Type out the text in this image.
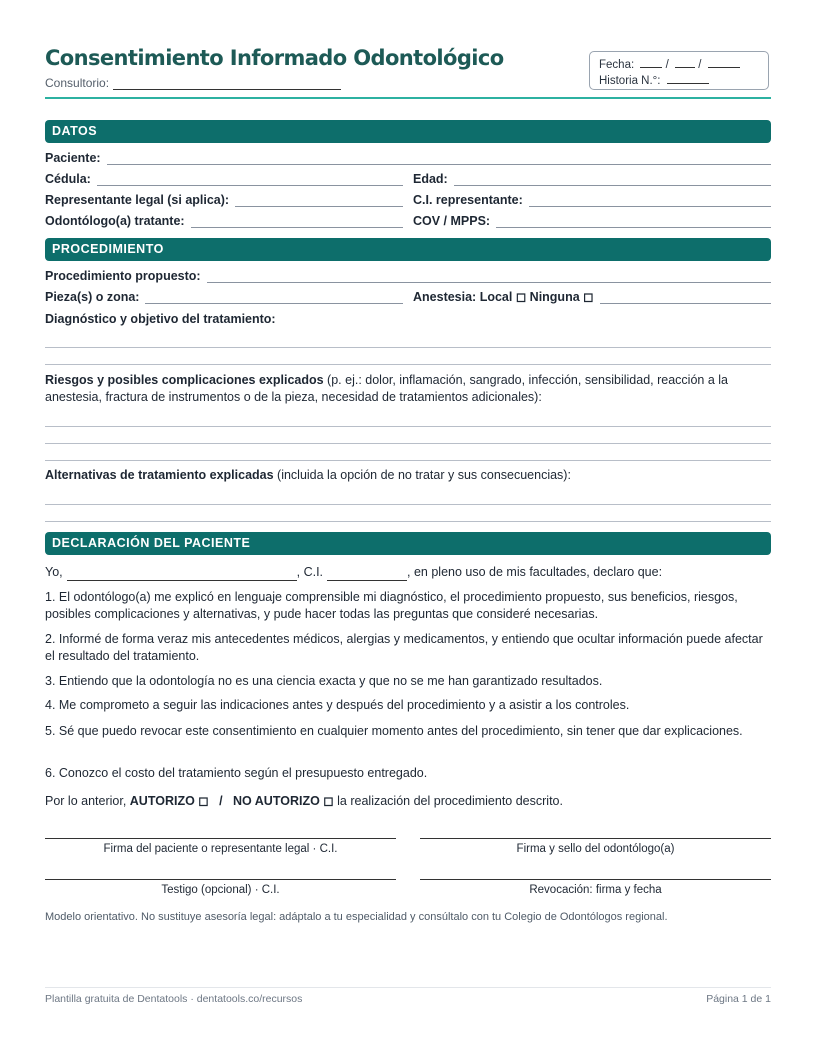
Consentimiento Informado Odontológico
Consultorio:
Fecha:	/	/
Historia N.°:
DATOS
Paciente:
Cédula:	Edad:
Representante legal (si aplica):	C.I. representante:
Odontólogo(a) tratante:	COV / MPPS:
PROCEDIMIENTO
Procedimiento propuesto:
Pieza(s) o zona:	Anestesia: Local ◻ Ninguna ◻
Diagnóstico y objetivo del tratamiento:
Riesgos y posibles complicaciones explicados (p. ej.: dolor, inflamación, sangrado, infección, sensibilidad, reacción a la anestesia, fractura de instrumentos o de la pieza, necesidad de tratamientos adicionales):
Alternativas de tratamiento explicadas (incluida la opción de no tratar y sus consecuencias):
DECLARACIÓN DEL PACIENTE
Yo,	, C.I.	, en pleno uso de mis facultades, declaro que:
1. El odontólogo(a) me explicó en lenguaje comprensible mi diagnóstico, el procedimiento propuesto, sus beneficios, riesgos, posibles complicaciones y alternativas, y pude hacer todas las preguntas que consideré necesarias.
2. Informé de forma veraz mis antecedentes médicos, alergias y medicamentos, y entiendo que ocultar información puede afectar el resultado del tratamiento.
3. Entiendo que la odontología no es una ciencia exacta y que no se me han garantizado resultados.
4. Me comprometo a seguir las indicaciones antes y después del procedimiento y a asistir a los controles.
5. Sé que puedo revocar este consentimiento en cualquier momento antes del procedimiento, sin tener que dar explicaciones.
6. Conozco el costo del tratamiento según el presupuesto entregado.
Por lo anterior, AUTORIZO ◻ / NO AUTORIZO ◻ la realización del procedimiento descrito.
Firma del paciente o representante legal · C.I.	Firma y sello del odontólogo(a)
Testigo (opcional) · C.I.	Revocación: firma y fecha
Modelo orientativo. No sustituye asesoría legal: adáptalo a tu especialidad y consúltalo con tu Colegio de Odontólogos regional.
Plantilla gratuita de Dentatools · dentatools.co/recursos	Página 1 de 1
